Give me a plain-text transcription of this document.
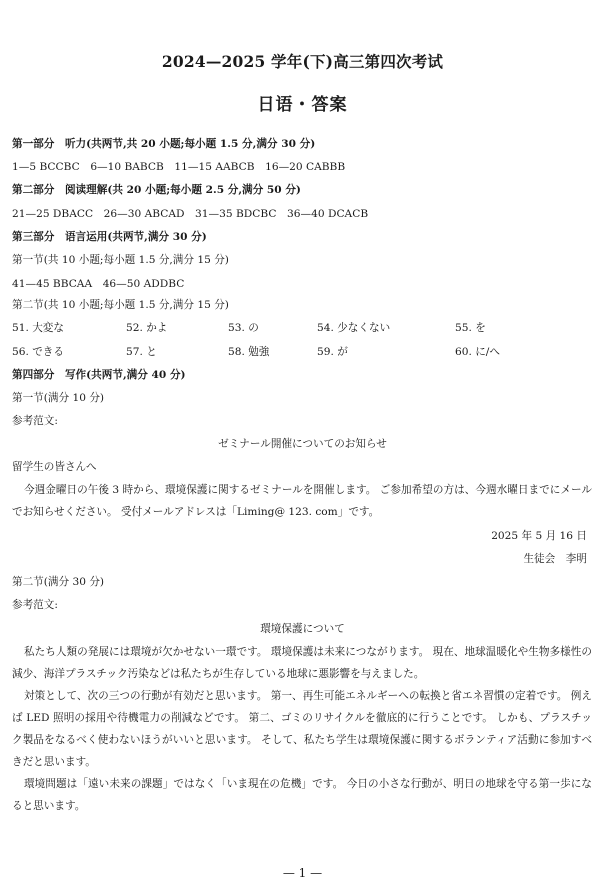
2024—2025 学年(下)高三第四次考试
日语・答案
第一部分　听力(共两节,共 20 小题;每小题 1.5 分,满分 30 分)
1—5 BCCBC　6—10 BABCB　11—15 AABCB　16—20 CABBB
第二部分　阅读理解(共 20 小题;每小题 2.5 分,满分 50 分)
21—25 DBACC　26—30 ABCAD　31—35 BDCBC　36—40 DCACB
第三部分　语言运用(共两节,满分 30 分)
第一节(共 10 小题;每小题 1.5 分,满分 15 分)
41—45 BBCAA　46—50 ADDBC
第二节(共 10 小题;每小题 1.5 分,满分 15 分)
51. 大変な	52. かよ	53. の	54. 少なくない	55. を
56. できる	57. と	58. 勉強	59. が	60. に/へ
第四部分　写作(共两节,满分 40 分)
第一节(满分 10 分)
参考范文:
ゼミナール開催についてのお知らせ
留学生の皆さんへ
今週金曜日の午後 3 時から、環境保護に関するゼミナールを開催します。 ご参加希望の方は、今週水曜日までにメールでお知らせください。 受付メールアドレスは「Liming@ 123. com」です。
2025 年 5 月 16 日
生徒会　李明
第二节(满分 30 分)
参考范文:
環境保護について
私たち人類の発展には環境が欠かせない一環です。 環境保護は未来につながります。 現在、地球温暖化や生物多様性の減少、海洋プラスチック汚染などは私たちが生存している地球に悪影響を与えました。
対策として、次の三つの行動が有効だと思います。 第一、再生可能エネルギーへの転換と省エネ習慣の定着です。 例えば LED 照明の採用や待機電力の削減などです。 第二、ゴミのリサイクルを徹底的に行うことです。 しかも、プラスチック製品をなるべく使わないほうがいいと思います。 そして、私たち学生は環境保護に関するボランティア活動に参加すべきだと思います。
環境問題は「遠い未来の課題」ではなく「いま現在の危機」です。 今日の小さな行動が、明日の地球を守る第一歩になると思います。
— 1 —
